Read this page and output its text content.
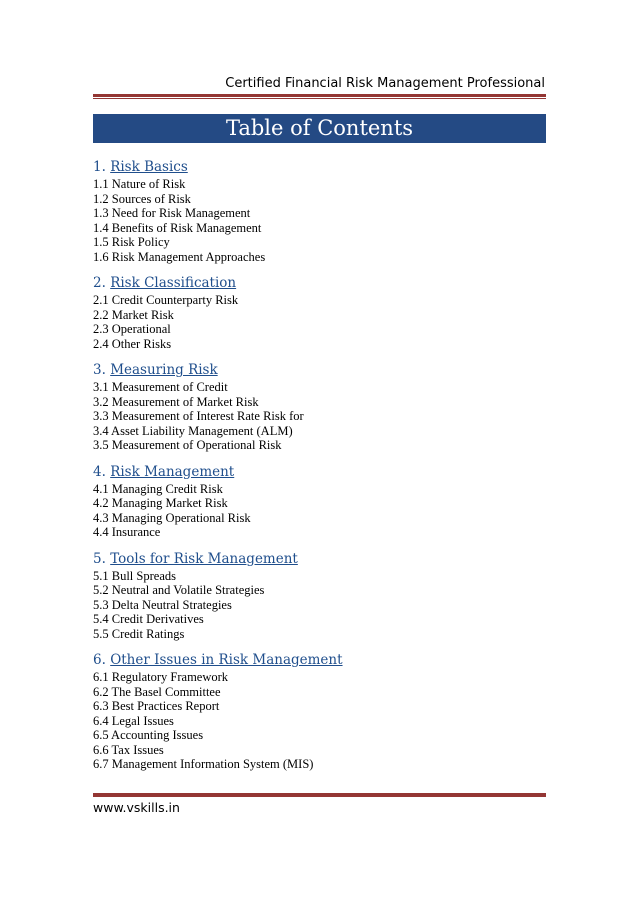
Certified Financial Risk Management Professional
Table of Contents
1. Risk Basics
1.1 Nature of Risk
1.2 Sources of Risk
1.3 Need for Risk Management
1.4 Benefits of Risk Management
1.5 Risk Policy
1.6 Risk Management Approaches
2. Risk Classification
2.1 Credit Counterparty Risk
2.2 Market Risk
2.3 Operational
2.4 Other Risks
3. Measuring Risk
3.1 Measurement of Credit
3.2 Measurement of Market Risk
3.3 Measurement of Interest Rate Risk for
3.4 Asset Liability Management (ALM)
3.5 Measurement of Operational Risk
4. Risk Management
4.1 Managing Credit Risk
4.2 Managing Market Risk
4.3 Managing Operational Risk
4.4 Insurance
5. Tools for Risk Management
5.1 Bull Spreads
5.2 Neutral and Volatile Strategies
5.3 Delta Neutral Strategies
5.4 Credit Derivatives
5.5 Credit Ratings
6. Other Issues in Risk Management
6.1 Regulatory Framework
6.2 The Basel Committee
6.3 Best Practices Report
6.4 Legal Issues
6.5 Accounting Issues
6.6 Tax Issues
6.7 Management Information System (MIS)
www.vskills.in
